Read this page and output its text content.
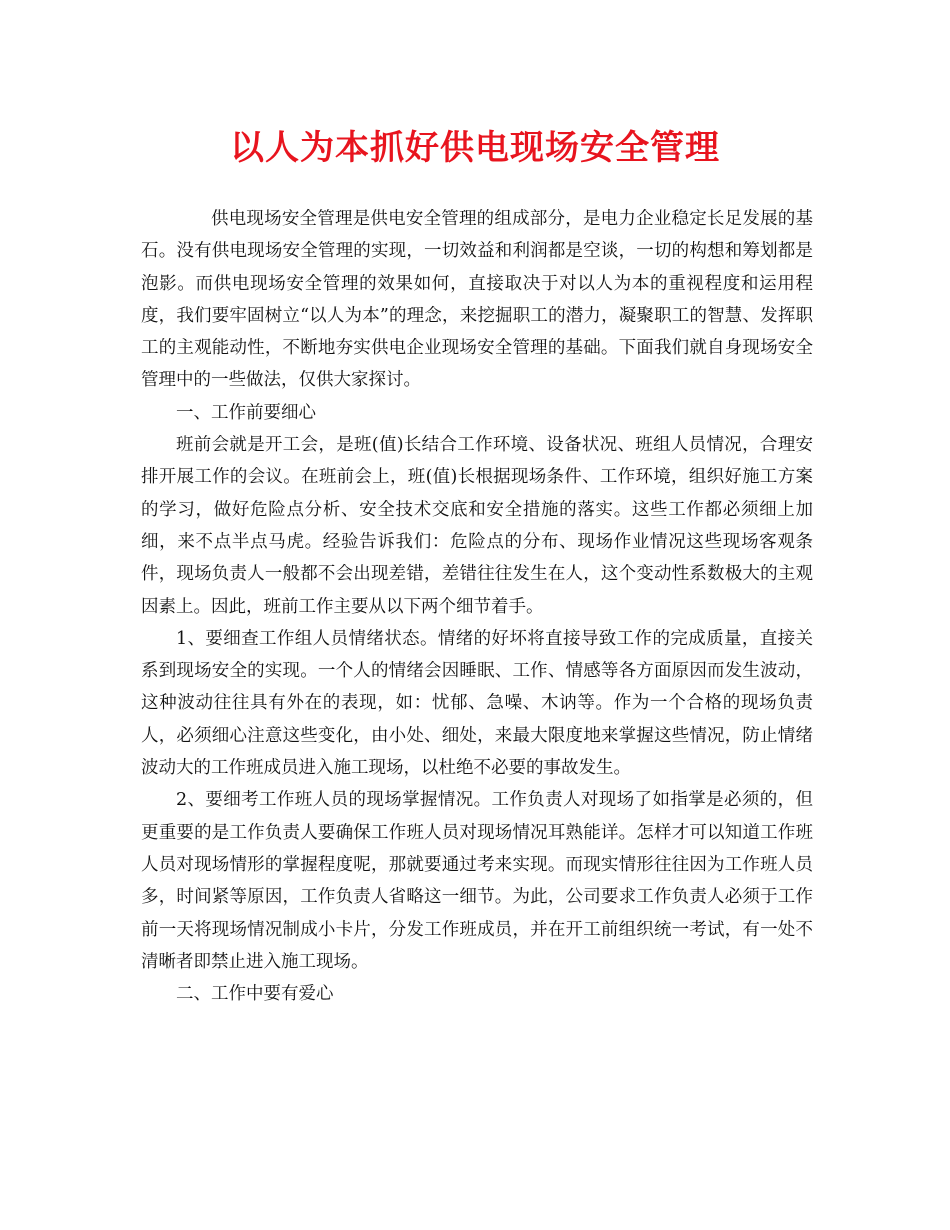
以人为本抓好供电现场安全管理

供电现场安全管理是供电安全管理的组成部分，是电力企业稳定长足发展的基石。没有供电现场安全管理的实现，一切效益和利润都是空谈，一切的构想和筹划都是泡影。而供电现场安全管理的效果如何，直接取决于对以人为本的重视程度和运用程度，我们要牢固树立“以人为本”的理念，来挖掘职工的潜力，凝聚职工的智慧、发挥职工的主观能动性，不断地夯实供电企业现场安全管理的基础。下面我们就自身现场安全管理中的一些做法，仅供大家探讨。

一、工作前要细心

班前会就是开工会，是班(值)长结合工作环境、设备状况、班组人员情况，合理安排开展工作的会议。在班前会上，班(值)长根据现场条件、工作环境，组织好施工方案的学习，做好危险点分析、安全技术交底和安全措施的落实。这些工作都必须细上加细，来不点半点马虎。经验告诉我们：危险点的分布、现场作业情况这些现场客观条件，现场负责人一般都不会出现差错，差错往往发生在人，这个变动性系数极大的主观因素上。因此，班前工作主要从以下两个细节着手。

1、要细查工作组人员情绪状态。情绪的好坏将直接导致工作的完成质量，直接关系到现场安全的实现。一个人的情绪会因睡眠、工作、情感等各方面原因而发生波动，这种波动往往具有外在的表现，如：忧郁、急噪、木讷等。作为一个合格的现场负责人，必须细心注意这些变化，由小处、细处，来最大限度地来掌握这些情况，防止情绪波动大的工作班成员进入施工现场，以杜绝不必要的事故发生。

2、要细考工作班人员的现场掌握情况。工作负责人对现场了如指掌是必须的，但更重要的是工作负责人要确保工作班人员对现场情况耳熟能详。怎样才可以知道工作班人员对现场情形的掌握程度呢，那就要通过考来实现。而现实情形往往因为工作班人员多，时间紧等原因，工作负责人省略这一细节。为此，公司要求工作负责人必须于工作前一天将现场情况制成小卡片，分发工作班成员，并在开工前组织统一考试，有一处不清晰者即禁止进入施工现场。

二、工作中要有爱心
